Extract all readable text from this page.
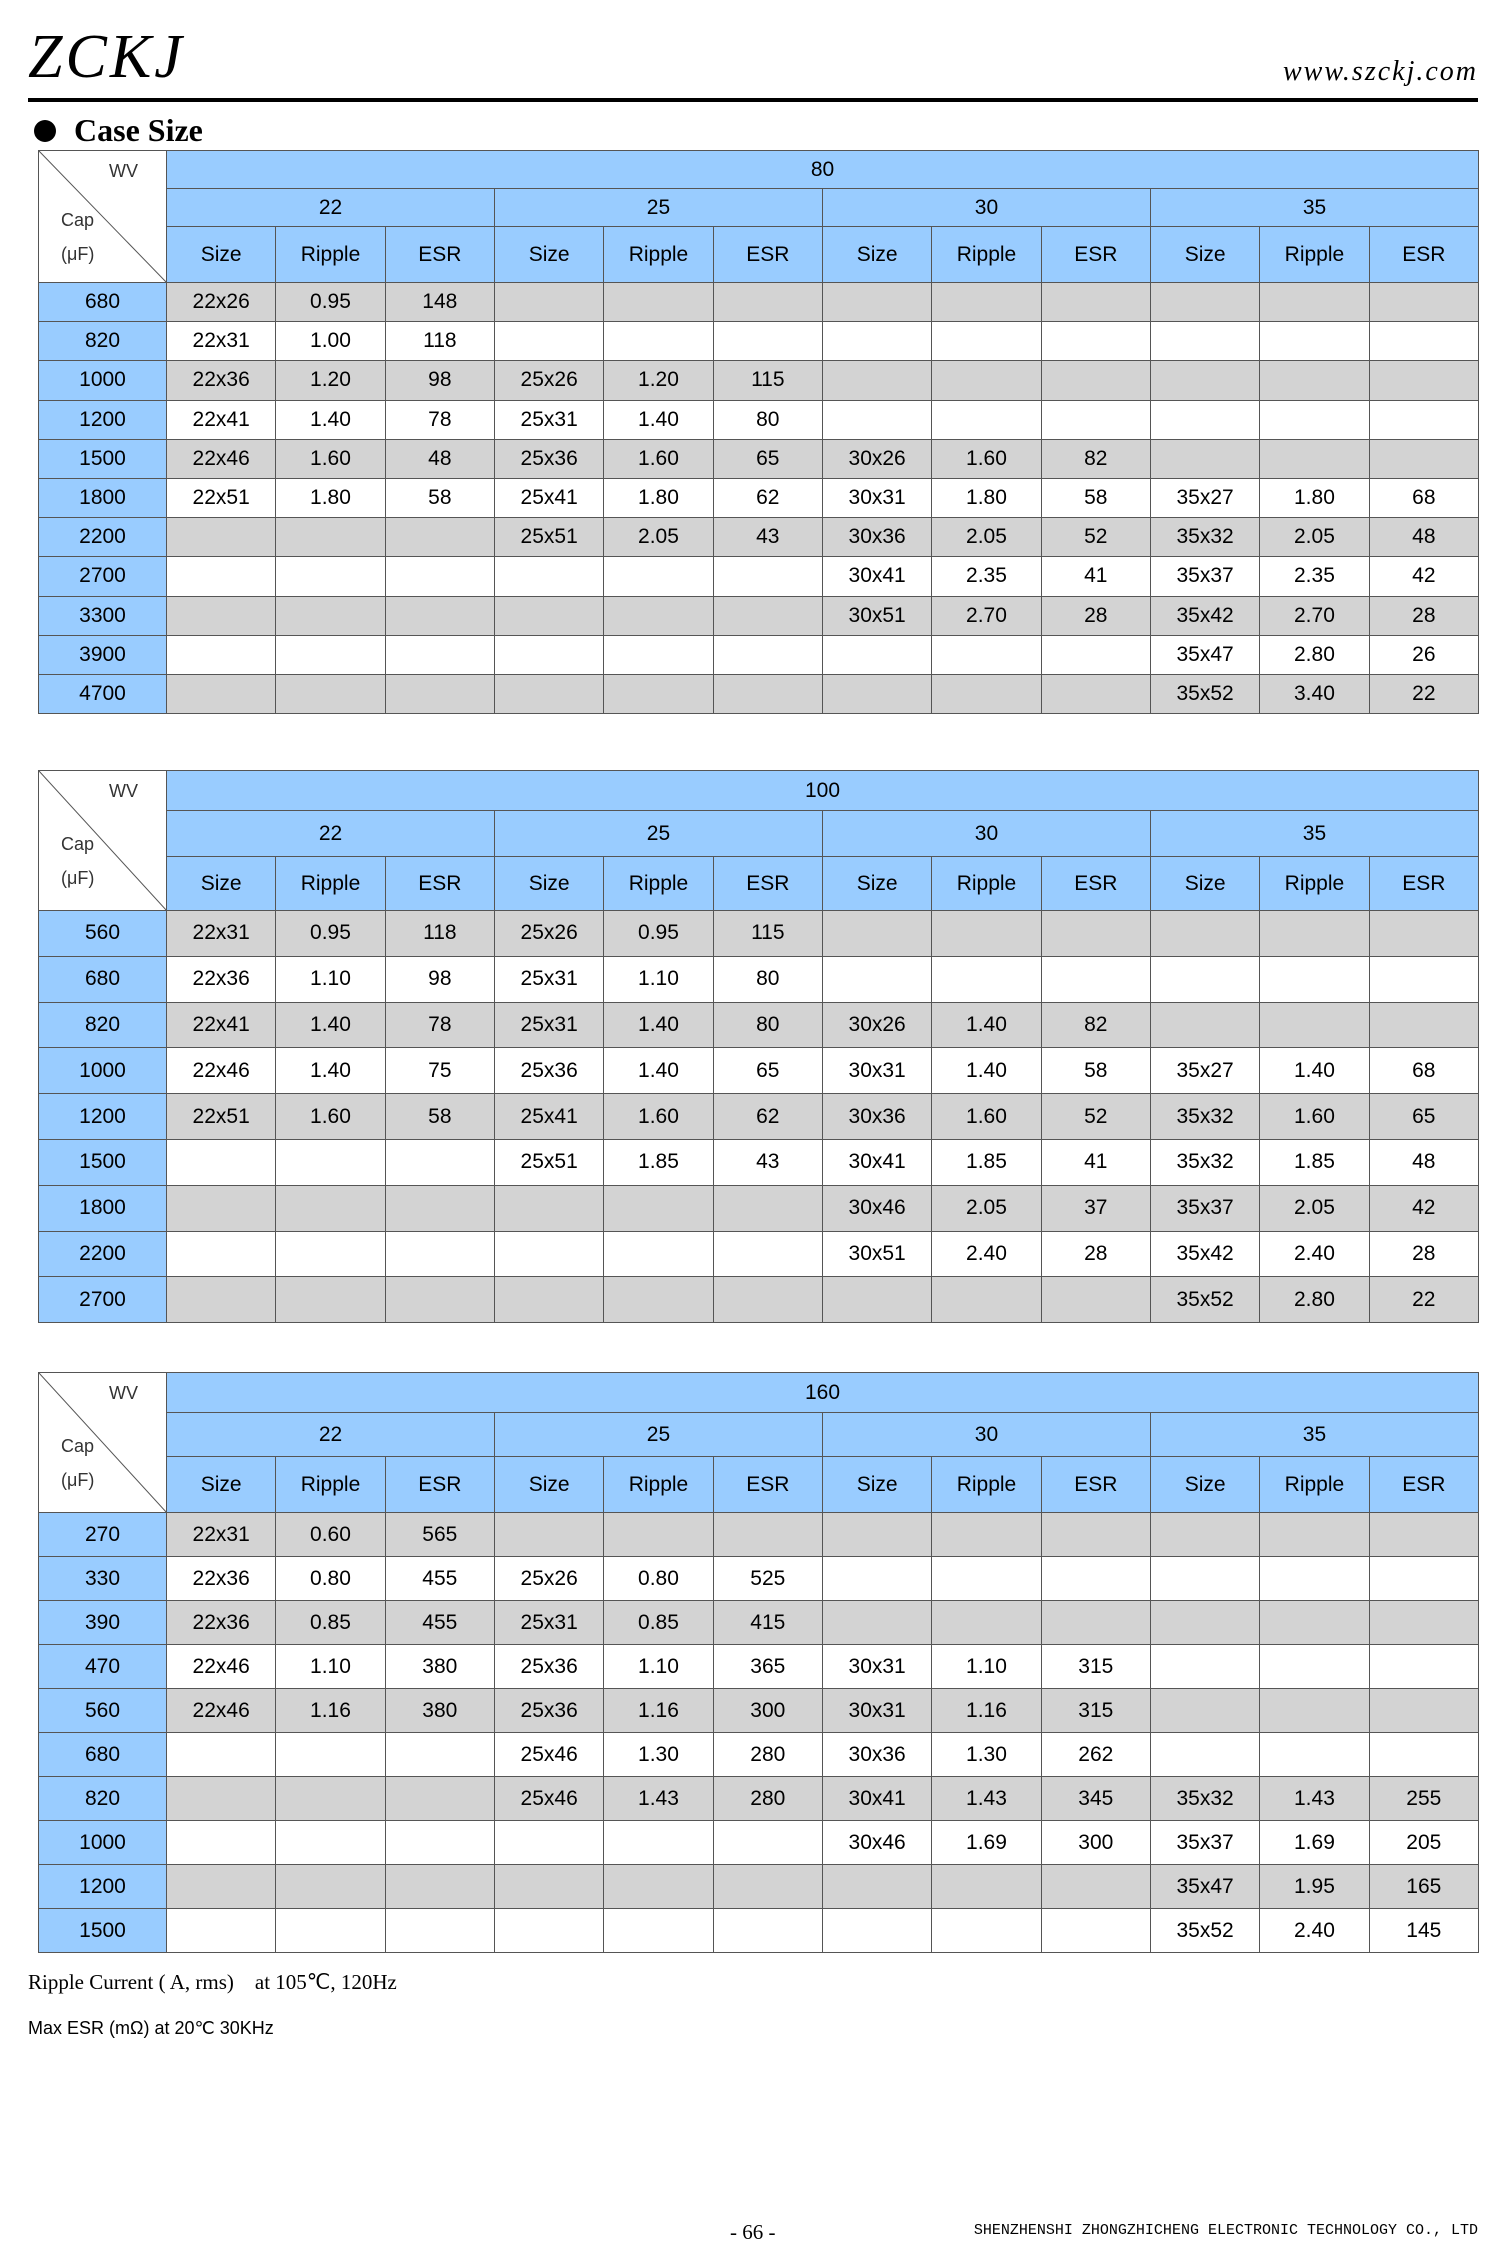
ZCKJ	www.szckj.com
Case Size
WV
Cap
(μF)	80											
	22			25			30			35		
	Size	Ripple	ESR	Size	Ripple	ESR	Size	Ripple	ESR	Size	Ripple	ESR
680	22x26	0.95	148									
820	22x31	1.00	118									
1000	22x36	1.20	98	25x26	1.20	115						
1200	22x41	1.40	78	25x31	1.40	80						
1500	22x46	1.60	48	25x36	1.60	65	30x26	1.60	82			
1800	22x51	1.80	58	25x41	1.80	62	30x31	1.80	58	35x27	1.80	68
2200				25x51	2.05	43	30x36	2.05	52	35x32	2.05	48
2700							30x41	2.35	41	35x37	2.35	42
3300							30x51	2.70	28	35x42	2.70	28
3900										35x47	2.80	26
4700										35x52	3.40	22
WV
Cap
(μF)	100											
	22			25			30			35		
	Size	Ripple	ESR	Size	Ripple	ESR	Size	Ripple	ESR	Size	Ripple	ESR
560	22x31	0.95	118	25x26	0.95	115						
680	22x36	1.10	98	25x31	1.10	80						
820	22x41	1.40	78	25x31	1.40	80	30x26	1.40	82			
1000	22x46	1.40	75	25x36	1.40	65	30x31	1.40	58	35x27	1.40	68
1200	22x51	1.60	58	25x41	1.60	62	30x36	1.60	52	35x32	1.60	65
1500				25x51	1.85	43	30x41	1.85	41	35x32	1.85	48
1800							30x46	2.05	37	35x37	2.05	42
2200							30x51	2.40	28	35x42	2.40	28
2700										35x52	2.80	22
WV
Cap
(μF)	160											
	22			25			30			35		
	Size	Ripple	ESR	Size	Ripple	ESR	Size	Ripple	ESR	Size	Ripple	ESR
270	22x31	0.60	565									
330	22x36	0.80	455	25x26	0.80	525						
390	22x36	0.85	455	25x31	0.85	415						
470	22x46	1.10	380	25x36	1.10	365	30x31	1.10	315			
560	22x46	1.16	380	25x36	1.16	300	30x31	1.16	315			
680				25x46	1.30	280	30x36	1.30	262			
820				25x46	1.43	280	30x41	1.43	345	35x32	1.43	255
1000							30x46	1.69	300	35x37	1.69	205
1200										35x47	1.95	165
1500										35x52	2.40	145
Ripple Current ( A, rms)    at 105℃, 120Hz
Max ESR (mΩ) at 20℃ 30KHz
- 66 -	SHENZHENSHI ZHONGZHICHENG ELECTRONIC TECHNOLOGY CO., LTD
